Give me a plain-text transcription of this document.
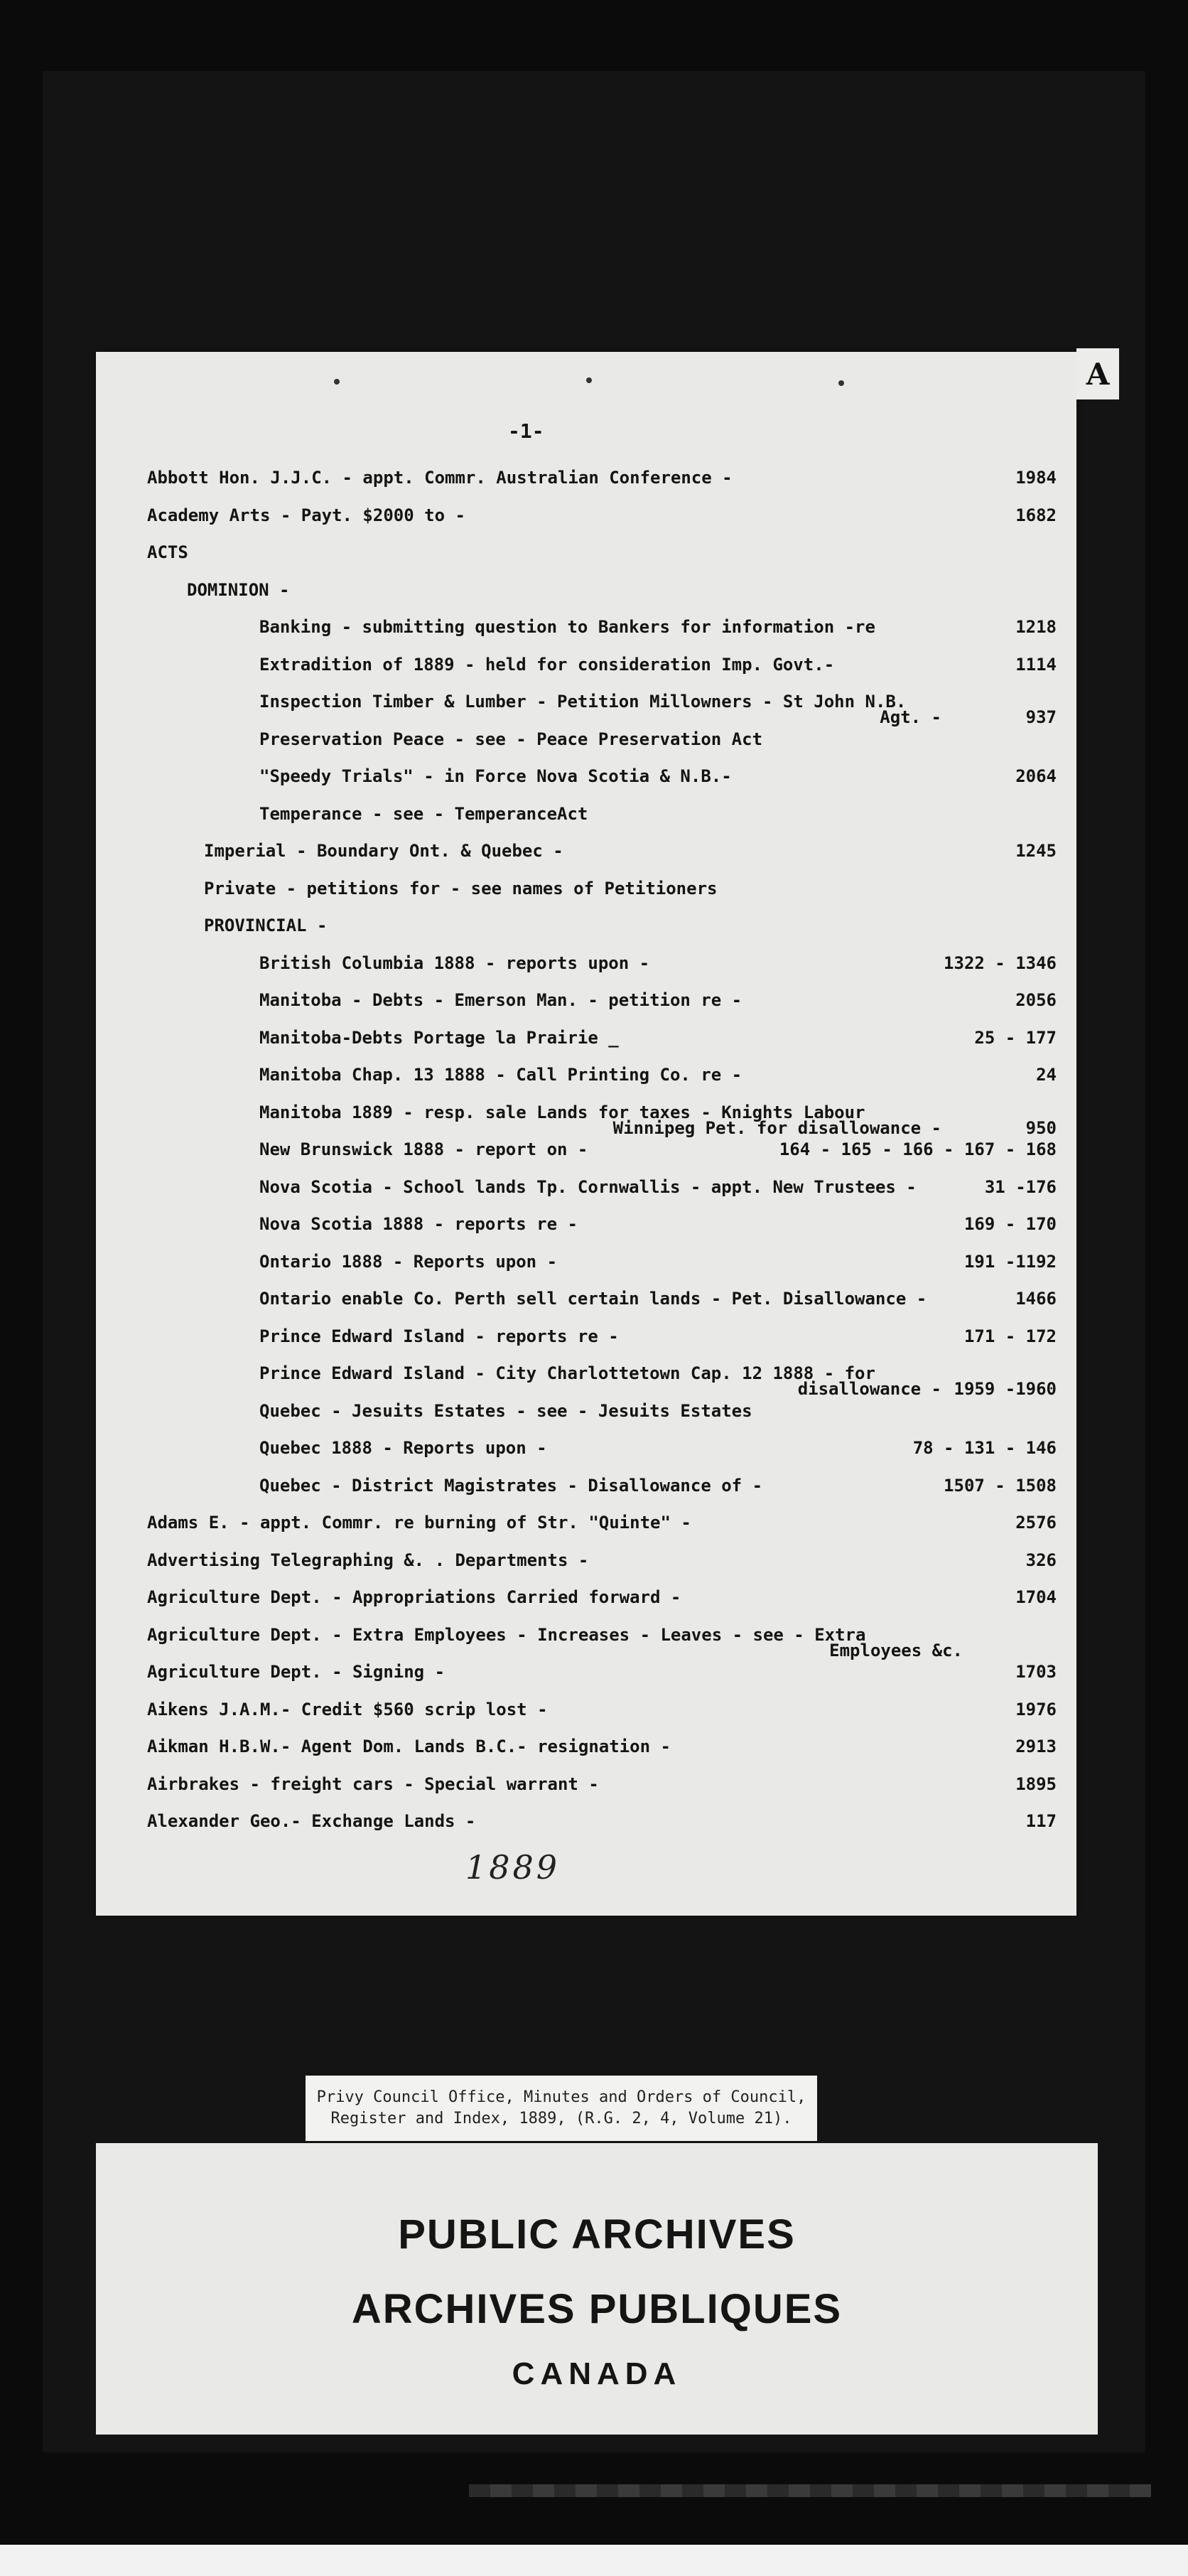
-1-
Abbott Hon. J.J.C. - appt. Commr. Australian Conference -	1984
Academy Arts - Payt. $2000 to -	1682
ACTS
DOMINION -
Banking - submitting question to Bankers for information -re	1218
Extradition of 1889 - held for consideration Imp. Govt.-	1114
Inspection Timber & Lumber - Petition Millowners - St John N.B.
Agt. -	937
Preservation Peace - see - Peace Preservation Act
"Speedy Trials" - in Force Nova Scotia & N.B.-	2064
Temperance - see - TemperanceAct
Imperial - Boundary Ont. & Quebec -	1245
Private - petitions for - see names of Petitioners
PROVINCIAL -
British Columbia 1888 - reports upon -	1322 - 1346
Manitoba - Debts - Emerson Man. - petition re -	2056
Manitoba-Debts Portage la Prairie _	25 - 177
Manitoba Chap. 13 1888 - Call Printing Co. re -	24
Manitoba 1889 - resp. sale Lands for taxes - Knights Labour
Winnipeg Pet. for disallowance -	950
New Brunswick 1888 - report on -	164 - 165 - 166 - 167 - 168
Nova Scotia - School lands Tp. Cornwallis - appt. New Trustees -	31 -176
Nova Scotia 1888 - reports re -	169 - 170
Ontario 1888 - Reports upon -	191 -1192
Ontario enable Co. Perth sell certain lands - Pet. Disallowance -	1466
Prince Edward Island - reports re -	171 - 172
Prince Edward Island - City Charlottetown Cap. 12 1888 - for
disallowance - 1959 -1960
Quebec - Jesuits Estates - see - Jesuits Estates
Quebec 1888 - Reports upon -	78 - 131 - 146
Quebec - District Magistrates - Disallowance of -	1507 - 1508
Adams E. - appt. Commr. re burning of Str. "Quinte" -	2576
Advertising Telegraphing &. . Departments -	326
Agriculture Dept. - Appropriations Carried forward -	1704
Agriculture Dept. - Extra Employees - Increases - Leaves - see - Extra
Employees &c.
Agriculture Dept. - Signing -	1703
Aikens J.A.M.- Credit $560 scrip lost -	1976
Aikman H.B.W.- Agent Dom. Lands B.C.- resignation -	2913
Airbrakes - freight cars - Special warrant -	1895
Alexander Geo.- Exchange Lands -	117
1889
A
Privy Council Office, Minutes and Orders of Council,
Register and Index, 1889, (R.G. 2, 4, Volume 21).
PUBLIC ARCHIVES
ARCHIVES PUBLIQUES
CANADA
